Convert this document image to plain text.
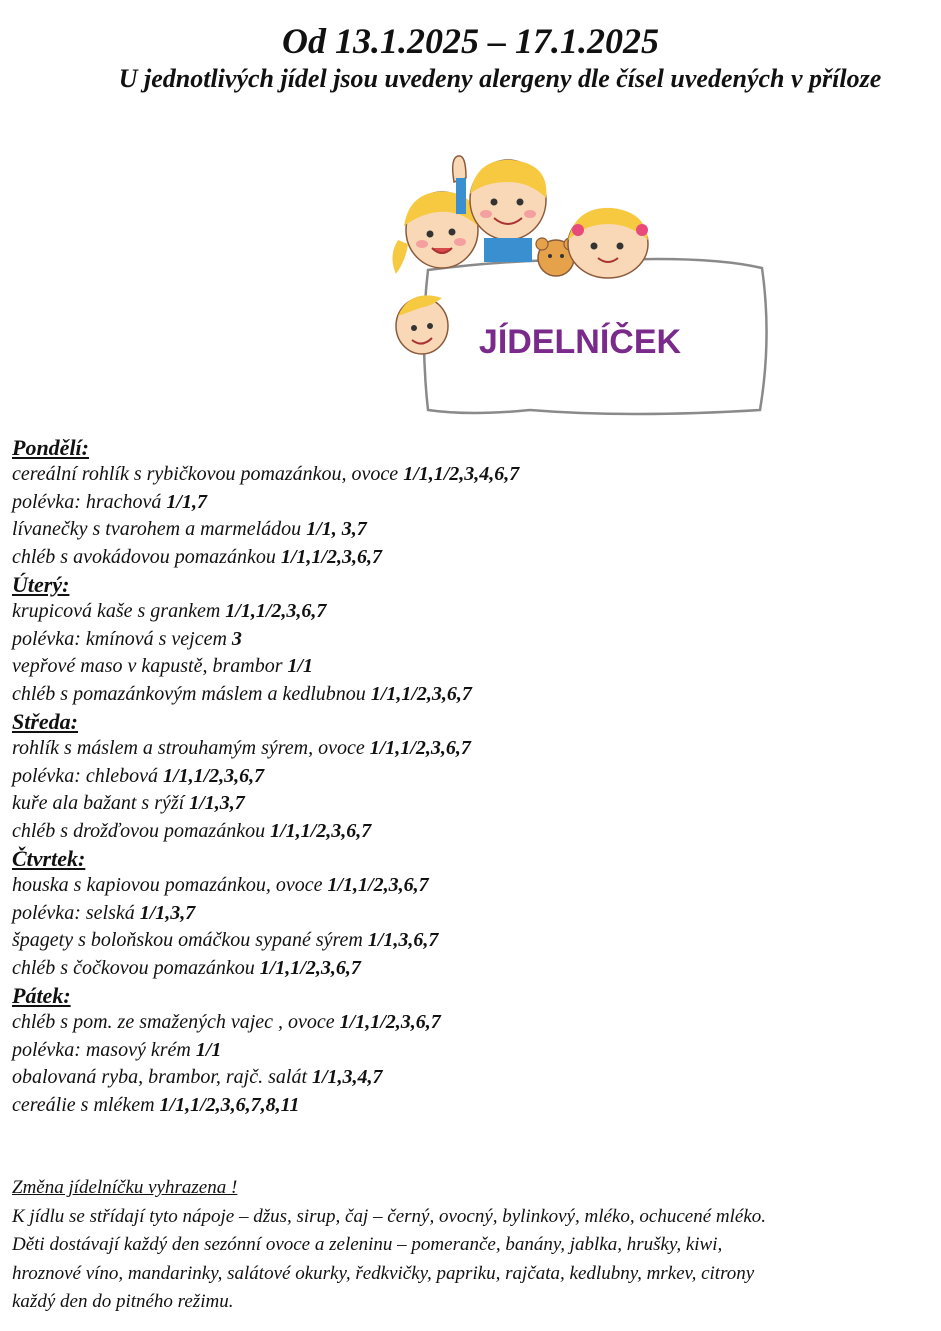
Od 13.1.2025 – 17.1.2025
U jednotlivých jídel jsou uvedeny alergeny dle čísel uvedených v příloze
JÍDELNÍČEK
Pondělí:
cereální rohlík s rybičkovou pomazánkou, ovoce 1/1,1/2,3,4,6,7
polévka: hrachová 1/1,7
lívanečky s tvarohem a marmeládou 1/1, 3,7
chléb s avokádovou pomazánkou 1/1,1/2,3,6,7
Úterý:
krupicová kaše s grankem 1/1,1/2,3,6,7
polévka: kmínová s vejcem 3
vepřové maso v kapustě, brambor 1/1
chléb s pomazánkovým máslem a kedlubnou 1/1,1/2,3,6,7
Středa:
rohlík s máslem a strouhamým sýrem, ovoce 1/1,1/2,3,6,7
polévka: chlebová 1/1,1/2,3,6,7
kuře ala bažant s rýží 1/1,3,7
chléb s drožďovou pomazánkou 1/1,1/2,3,6,7
Čtvrtek:
houska s kapiovou pomazánkou, ovoce 1/1,1/2,3,6,7
polévka: selská 1/1,3,7
špagety s boloňskou omáčkou sypané sýrem 1/1,3,6,7
chléb s čočkovou pomazánkou 1/1,1/2,3,6,7
Pátek:
chléb s pom. ze smažených vajec , ovoce 1/1,1/2,3,6,7
polévka: masový krém 1/1
obalovaná ryba, brambor, rajč. salát 1/1,3,4,7
cereálie s mlékem 1/1,1/2,3,6,7,8,11
Změna jídelníčku vyhrazena !
K jídlu se střídají tyto nápoje – džus, sirup, čaj – černý, ovocný, bylinkový, mléko, ochucené mléko.
Děti dostávají každý den sezónní ovoce a zeleninu – pomeranče, banány, jablka, hrušky, kiwi,
hroznové víno, mandarinky, salátové okurky, ředkvičky, papriku, rajčata, kedlubny, mrkev, citrony
každý den do pitného režimu.
